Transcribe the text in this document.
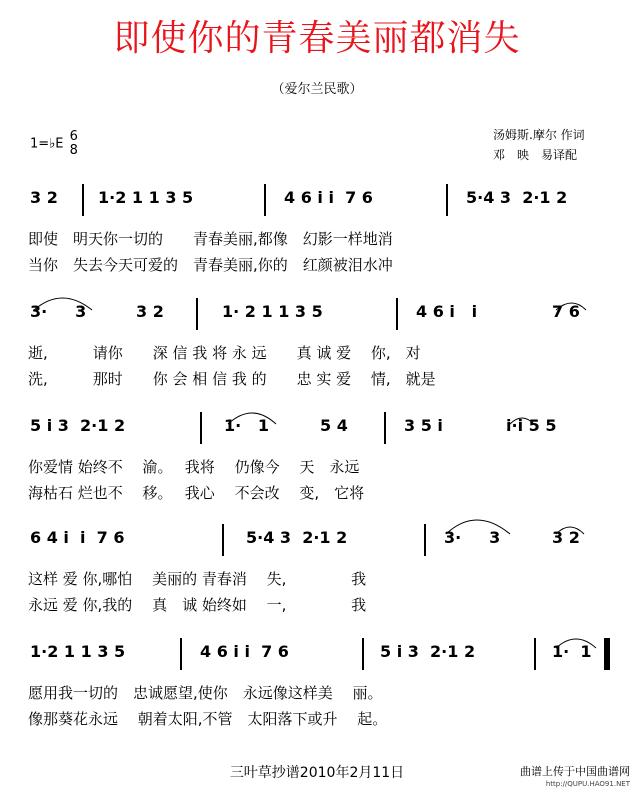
即使你的青春美丽都消失
（爱尔兰民歌）
1=♭E 6
8
汤姆斯.摩尔 作词
邓　映　易译配
3 2	1·2 1 1 3 5	4 6 i i  7 6	5·4 3  2·1 2
即使　明天你一切的　　青春美丽,都像　幻影一样地消
当你　失去今天可爱的　青春美丽,你的　红颜被泪水冲
3·     3	3 2	1· 2 1 1 3 5	4 6 i   i	7 6
逝,　　　请你　　深 信 我 将 永 远　　真 诚 爱　 你,　对
洗,　　　那时　　你 会 相 信 我 的　　忠 实 爱　 情,　就是
5 i 3  2·1 2	1·   1	5 4	3 5 i	i·i 5 5
你爱情 始终不　 渝。　 我将　 仍像今　 天　永远
海枯石 烂也不　 移。　 我心　 不会改　 变,　它将
6 4 i  i  7 6	5·4 3  2·1 2	3·     3	3 2
这样 爱 你,哪怕　 美丽的 青春消　 失,　　　　 我
永远 爱 你,我的　 真　诚 始终如　 一,　　　　 我
1·2 1 1 3 5	4 6 i i  7 6	5 i 3  2·1 2	1·  1
愿用我一切的　忠诚愿望,使你　永远像这样美　 丽。
像那葵花永远　 朝着太阳,不管　太阳落下或升　 起。
三叶草抄谱2010年2月11日	曲谱上传于中国曲谱网
http://QUPU.HAO91.NET
